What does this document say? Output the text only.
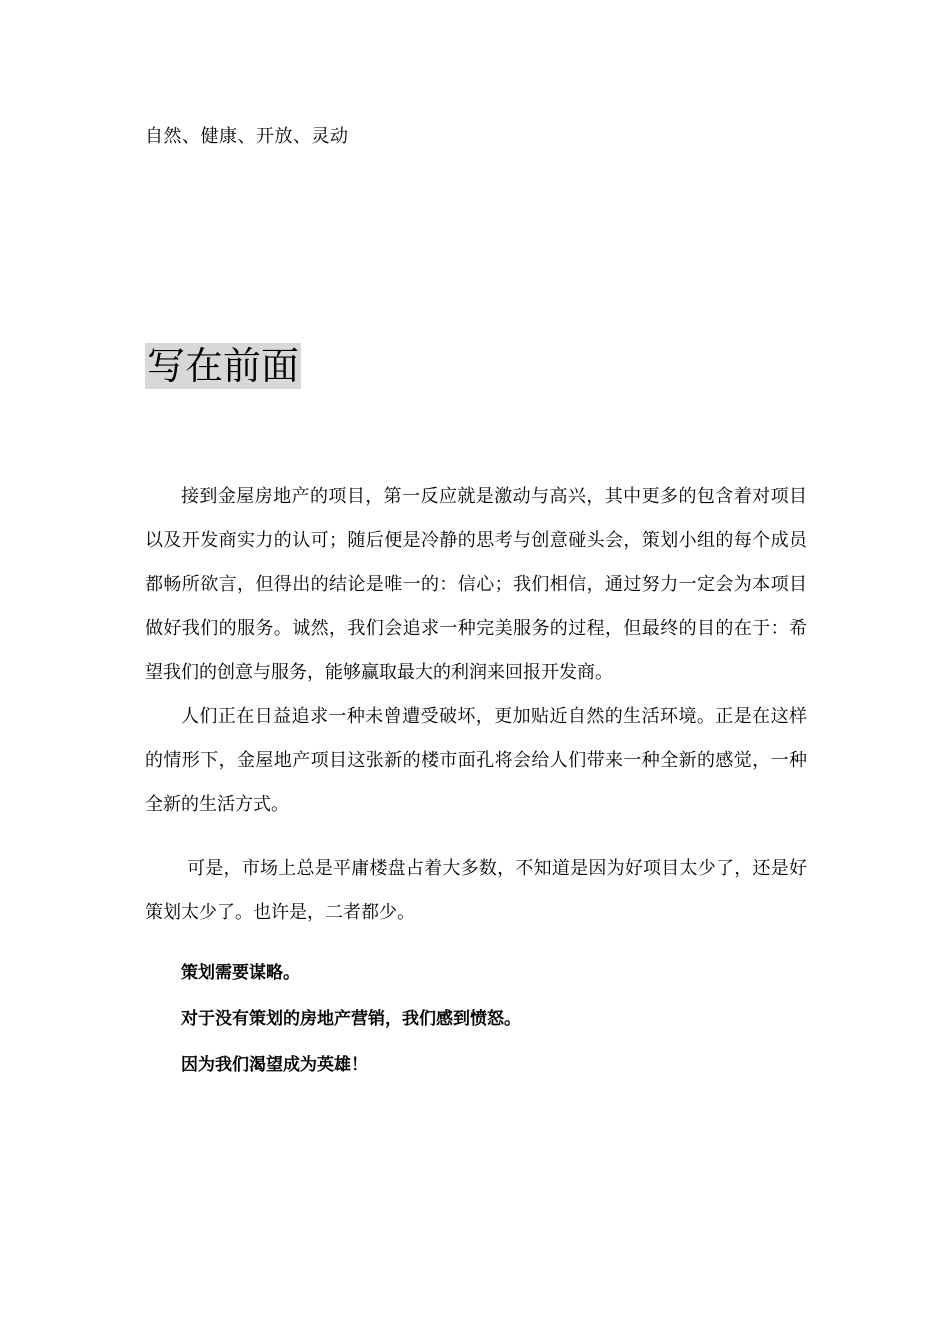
自然、健康、开放、灵动
写在前面

接到金屋房地产的项目，第一反应就是激动与高兴，其中更多的包含着对项目以及开发商实力的认可；随后便是冷静的思考与创意碰头会，策划小组的每个成员都畅所欲言，但得出的结论是唯一的：信心；我们相信，通过努力一定会为本项目做好我们的服务。诚然，我们会追求一种完美服务的过程，但最终的目的在于：希望我们的创意与服务，能够赢取最大的利润来回报开发商。

人们正在日益追求一种未曾遭受破坏，更加贴近自然的生活环境。正是在这样的情形下，金屋地产项目这张新的楼市面孔将会给人们带来一种全新的感觉，一种全新的生活方式。

可是，市场上总是平庸楼盘占着大多数，不知道是因为好项目太少了，还是好策划太少了。也许是，二者都少。

策划需要谋略。
对于没有策划的房地产营销，我们感到愤怒。
因为我们渴望成为英雄！
